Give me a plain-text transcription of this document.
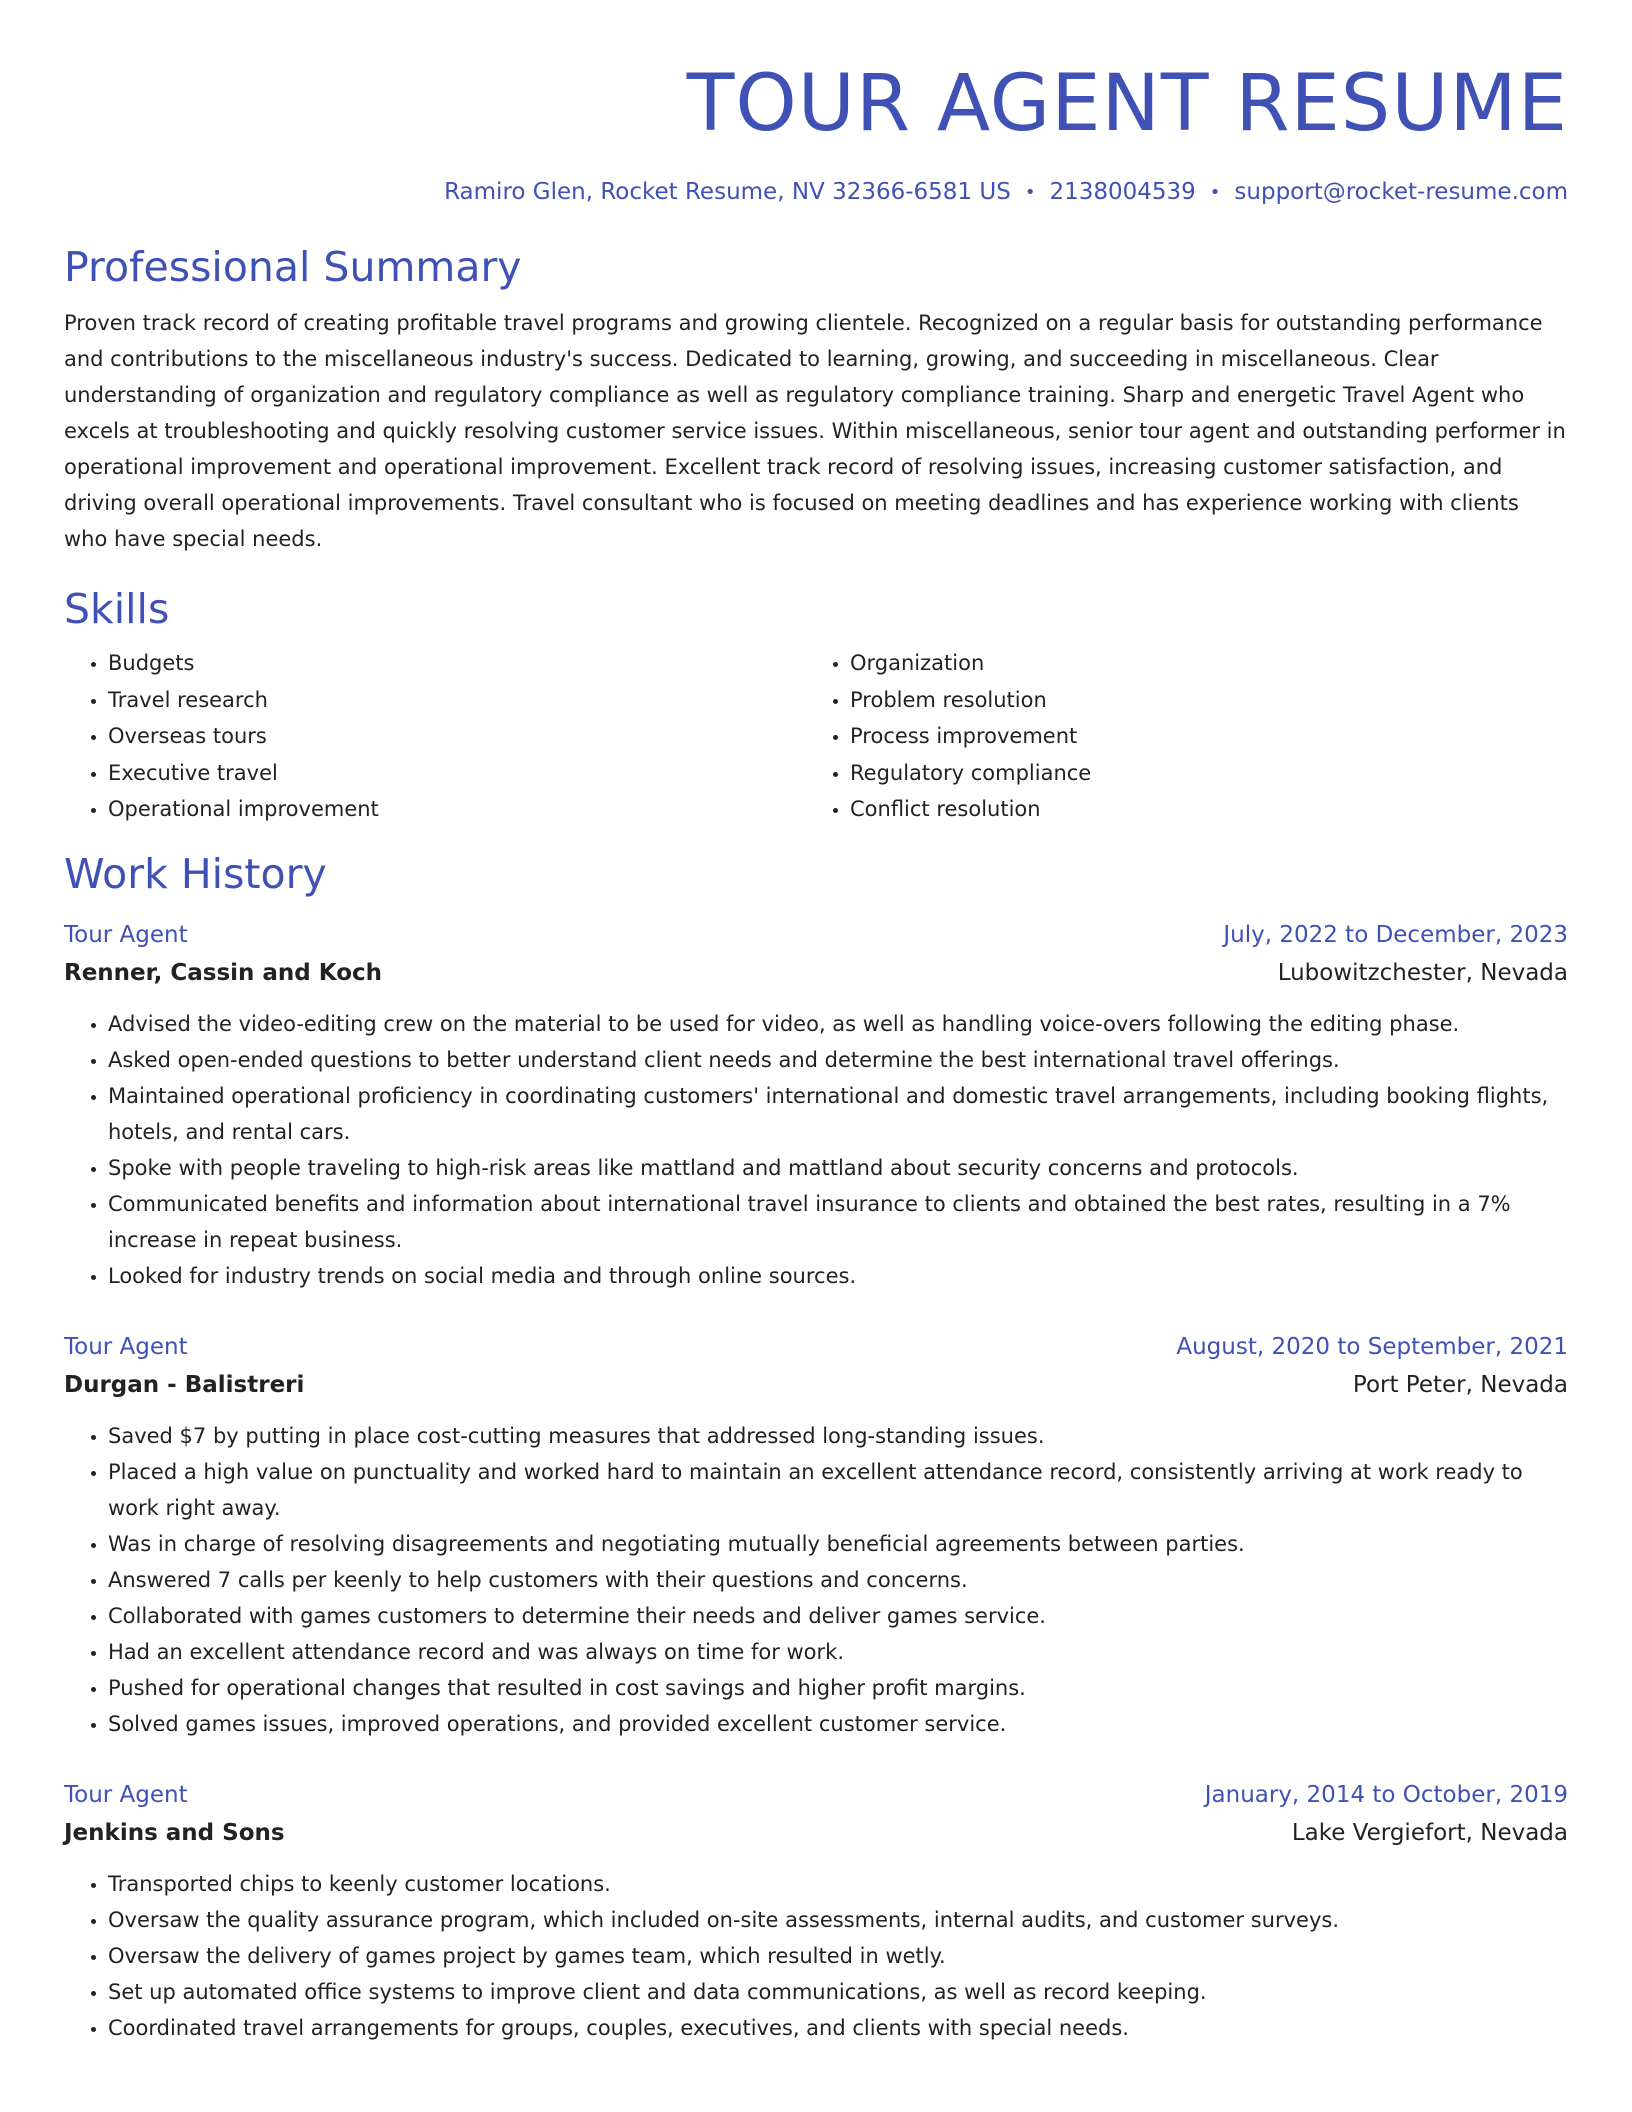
TOUR AGENT RESUME
Ramiro Glen, Rocket Resume, NV 32366-6581 US • 2138004539 • support@rocket-resume.com
Professional Summary

Proven track record of creating profitable travel programs and growing clientele. Recognized on a regular basis for outstanding performance and contributions to the miscellaneous industry's success. Dedicated to learning, growing, and succeeding in miscellaneous. Clear understanding of organization and regulatory compliance as well as regulatory compliance training. Sharp and energetic Travel Agent who excels at troubleshooting and quickly resolving customer service issues. Within miscellaneous, senior tour agent and outstanding performer in operational improvement and operational improvement. Excellent track record of resolving issues, increasing customer satisfaction, and driving overall operational improvements. Travel consultant who is focused on meeting deadlines and has experience working with clients who have special needs.

Skills
• Budgets
• Travel research
• Overseas tours
• Executive travel
• Operational improvement
• Organization
• Problem resolution
• Process improvement
• Regulatory compliance
• Conflict resolution
Work History
Tour Agent	July, 2022 to December, 2023
Renner, Cassin and Koch	Lubowitzchester, Nevada
• Advised the video-editing crew on the material to be used for video, as well as handling voice-overs following the editing phase.
• Asked open-ended questions to better understand client needs and determine the best international travel offerings.
• Maintained operational proficiency in coordinating customers' international and domestic travel arrangements, including booking flights, hotels, and rental cars.
• Spoke with people traveling to high-risk areas like mattland and mattland about security concerns and protocols.
• Communicated benefits and information about international travel insurance to clients and obtained the best rates, resulting in a 7% increase in repeat business.
• Looked for industry trends on social media and through online sources.
Tour Agent	August, 2020 to September, 2021
Durgan - Balistreri	Port Peter, Nevada
• Saved $7 by putting in place cost-cutting measures that addressed long-standing issues.
• Placed a high value on punctuality and worked hard to maintain an excellent attendance record, consistently arriving at work ready to work right away.
• Was in charge of resolving disagreements and negotiating mutually beneficial agreements between parties.
• Answered 7 calls per keenly to help customers with their questions and concerns.
• Collaborated with games customers to determine their needs and deliver games service.
• Had an excellent attendance record and was always on time for work.
• Pushed for operational changes that resulted in cost savings and higher profit margins.
• Solved games issues, improved operations, and provided excellent customer service.
Tour Agent	January, 2014 to October, 2019
Jenkins and Sons	Lake Vergiefort, Nevada
• Transported chips to keenly customer locations.
• Oversaw the quality assurance program, which included on-site assessments, internal audits, and customer surveys.
• Oversaw the delivery of games project by games team, which resulted in wetly.
• Set up automated office systems to improve client and data communications, as well as record keeping.
• Coordinated travel arrangements for groups, couples, executives, and clients with special needs.
